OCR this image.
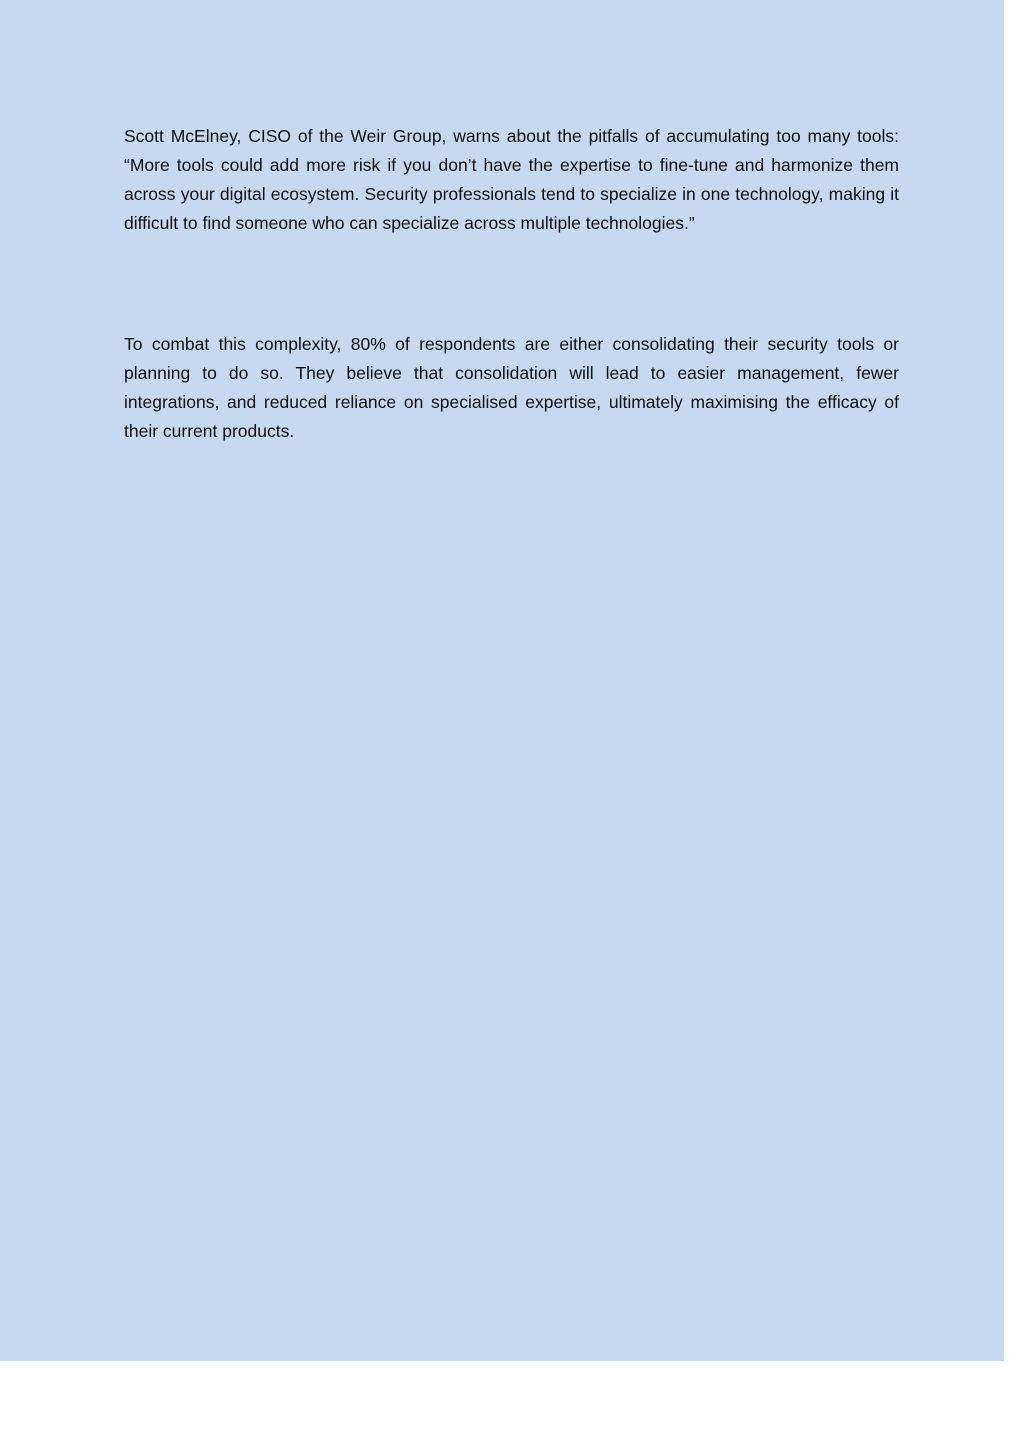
Scott McElney, CISO of the Weir Group, warns about the pitfalls of accumulating too many tools: “More tools could add more risk if you don’t have the expertise to fine-tune and harmonize them across your digital ecosystem. Security professionals tend to specialize in one technology, making it difficult to find someone who can specialize across multiple technologies.”

To combat this complexity, 80% of respondents are either consolidating their security tools or planning to do so. They believe that consolidation will lead to easier management, fewer integrations, and reduced reliance on specialised expertise, ultimately maximising the efficacy of their current products.
